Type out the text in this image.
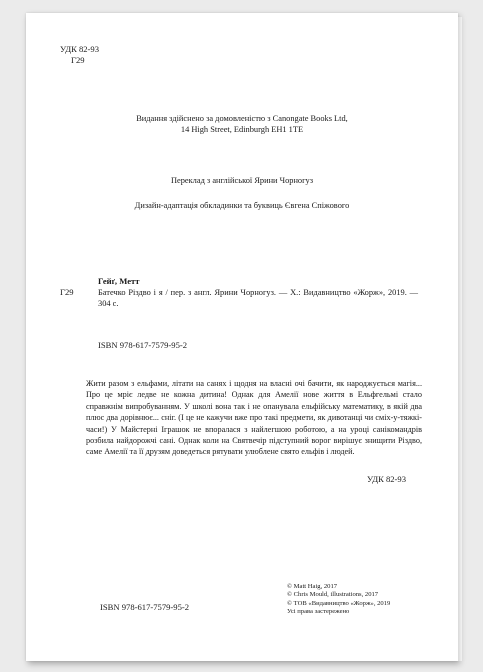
УДК 82-93
Г29
Видання здійснено за домовленістю з Canongate Books Ltd,
14 High Street, Edinburgh EH1 1TE
Переклад з англійської Ярини Чорногуз
Дизайн-адаптація обкладинки та буквиць Євгена Спіжового
Гейґ, Метт
Г29	Батечко Різдво і я / пер. з англ. Ярини Чорногуз. — Х.: Видавництво «Жорж», 2019. — 304 с.
ISBN 978-617-7579-95-2
Жити разом з ельфами, літати на санях і щодня на власні очі бачити, як народжується магія... Про це мріє ледве не кожна дитина! Однак для Амелії нове життя в Ельфгельмі стало справжнім випробуванням. У школі вона так і не опанувала ельфійську математику, в якій два плюс два дорівнює... сніг. (І це не кажучи вже про такі предмети, як дивотанці чи сміх-у-тяжкі-часи!) У Майстерні Іграшок не впоралася з найлегшою роботою, а на уроці санікомандрів розбила найдорожчі сані. Однак коли на Святвечір підступний ворог вирішує знищити Різдво, саме Амелії та її друзям доведеться рятувати улюблене свято ельфів і людей.
УДК 82-93
ISBN 978-617-7579-95-2
© Matt Haig, 2017
© Chris Mould, illustrations, 2017
© ТОВ «Видавництво «Жорж», 2019
Усі права застережено
